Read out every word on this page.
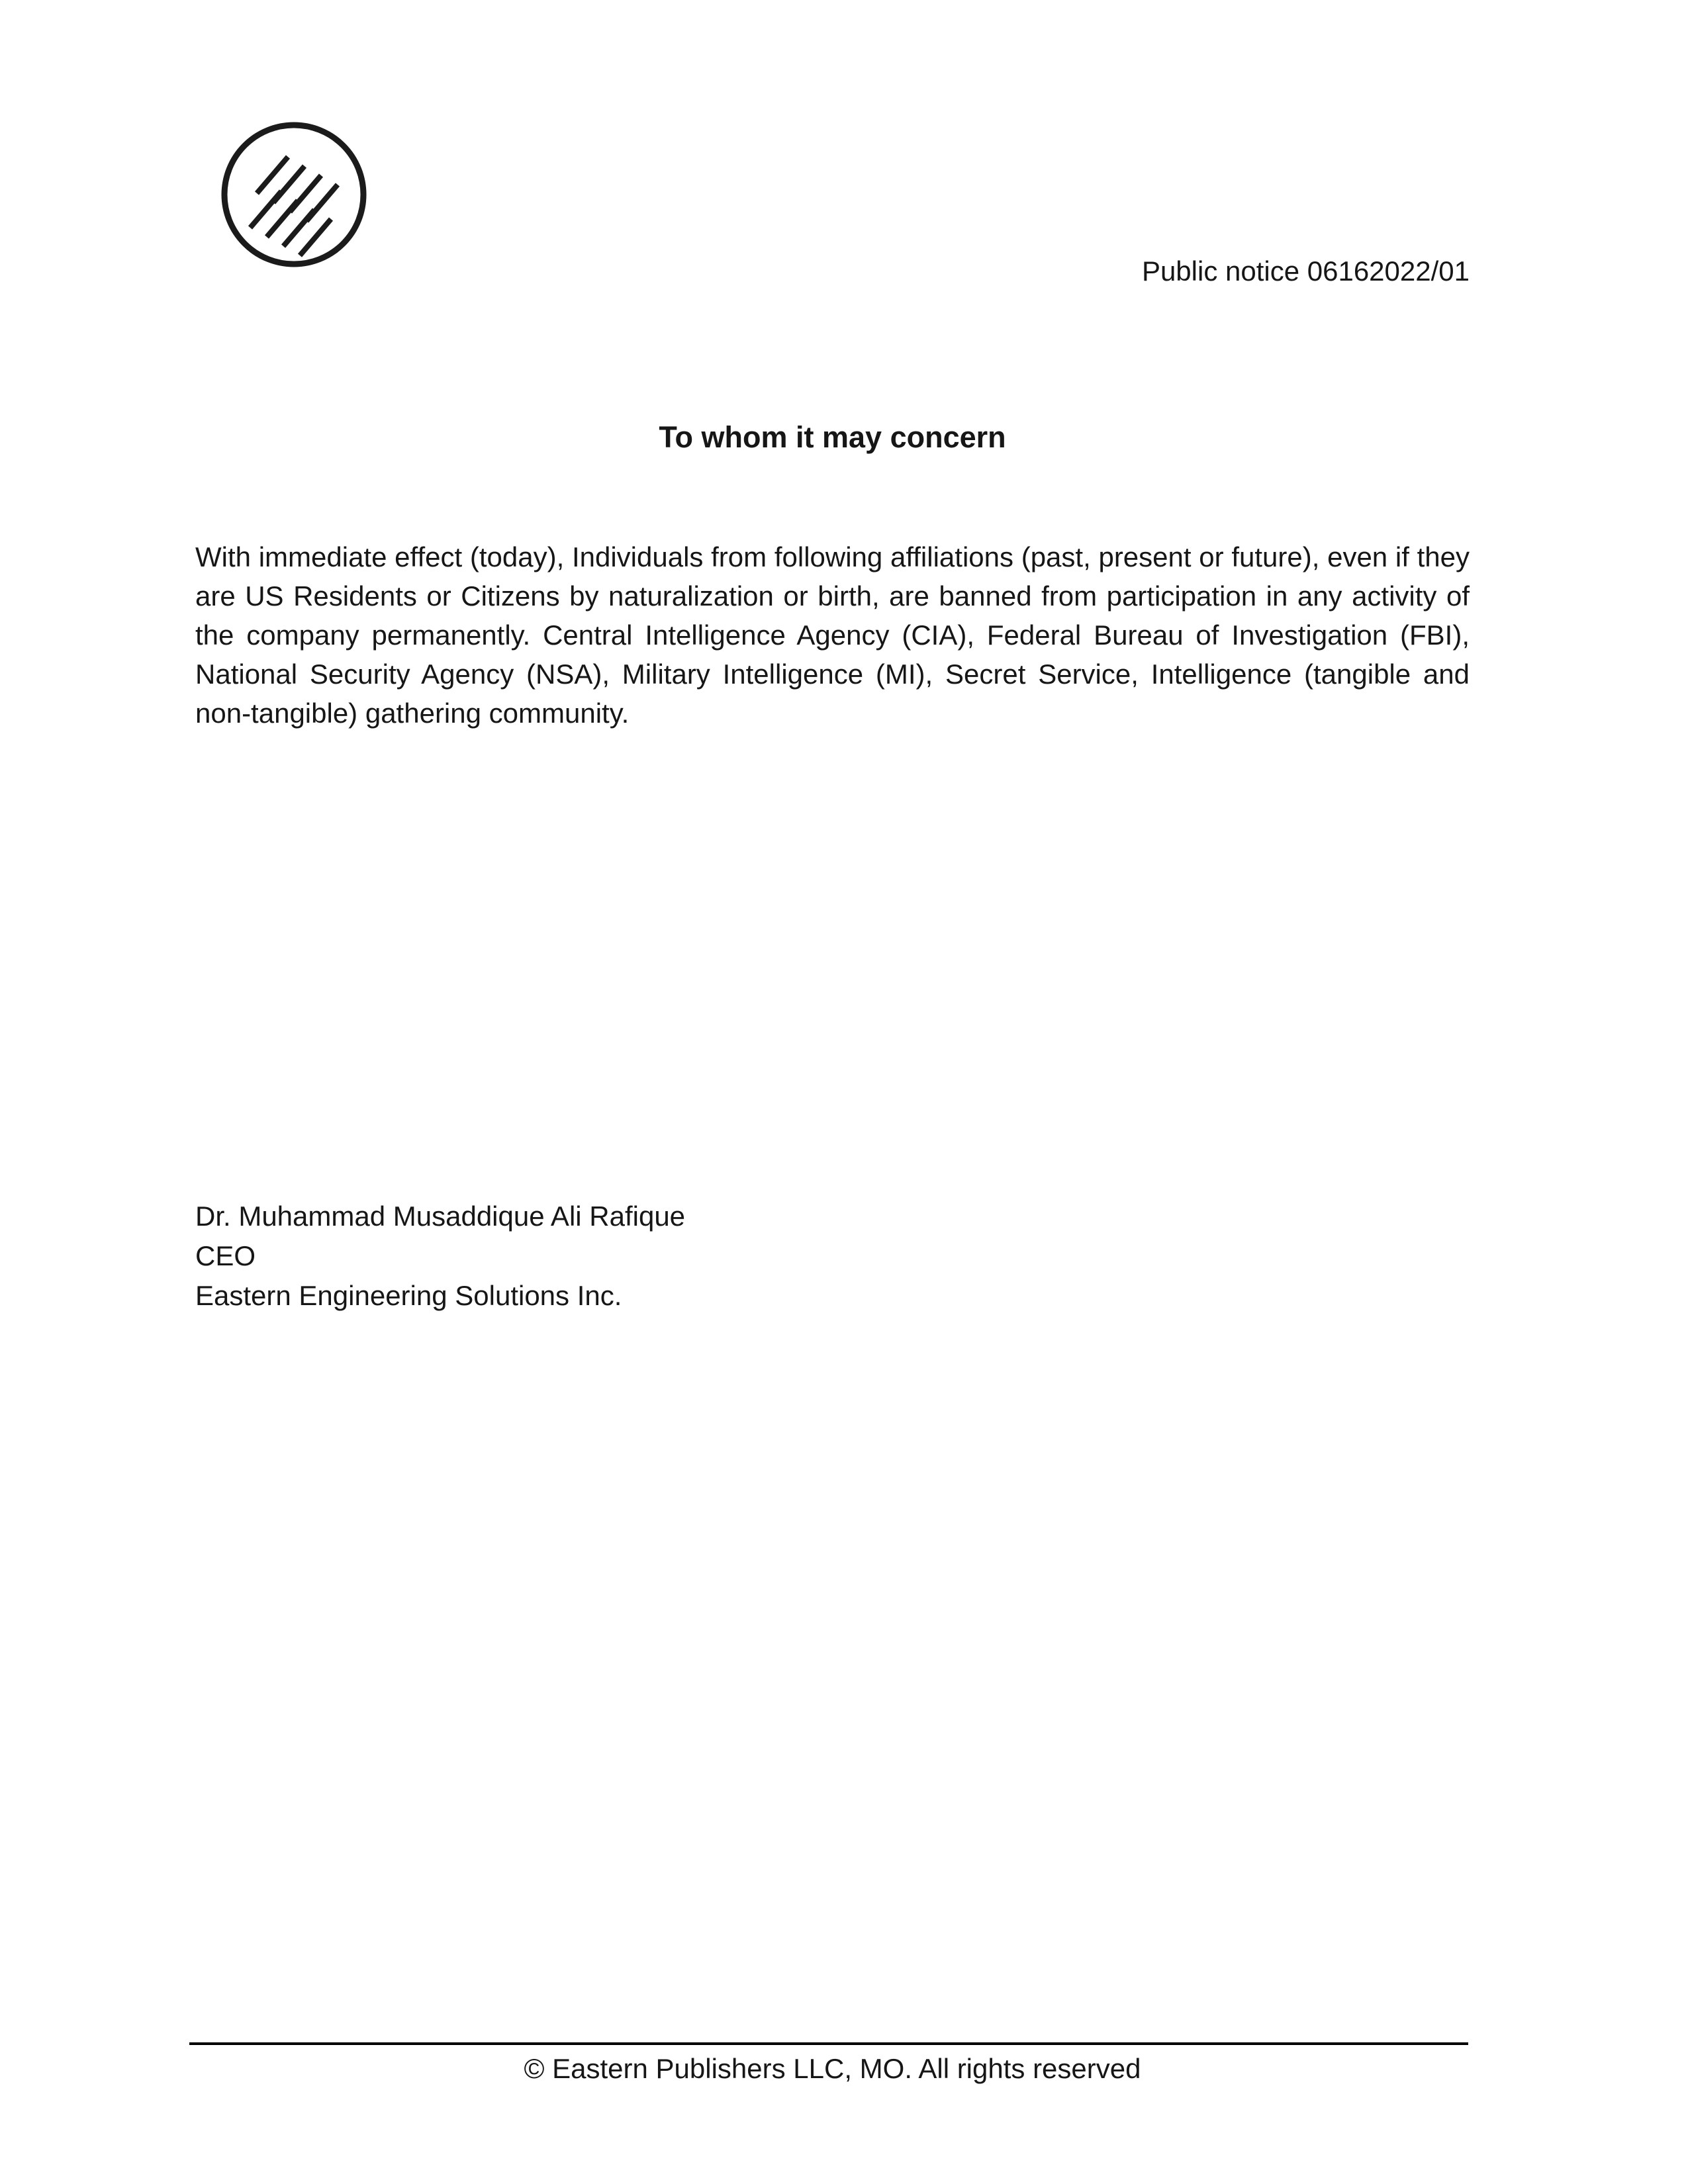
Public notice 06162022/01
To whom it may concern

With immediate effect (today), Individuals from following affiliations (past, present or future), even if they are US Residents or Citizens by naturalization or birth, are banned from participation in any activity of the company permanently. Central Intelligence Agency (CIA), Federal Bureau of Investigation (FBI), National Security Agency (NSA), Military Intelligence (MI), Secret Service, Intelligence (tangible and non-tangible) gathering community.

Dr. Muhammad Musaddique Ali Rafique
CEO
Eastern Engineering Solutions Inc.
© Eastern Publishers LLC, MO. All rights reserved
